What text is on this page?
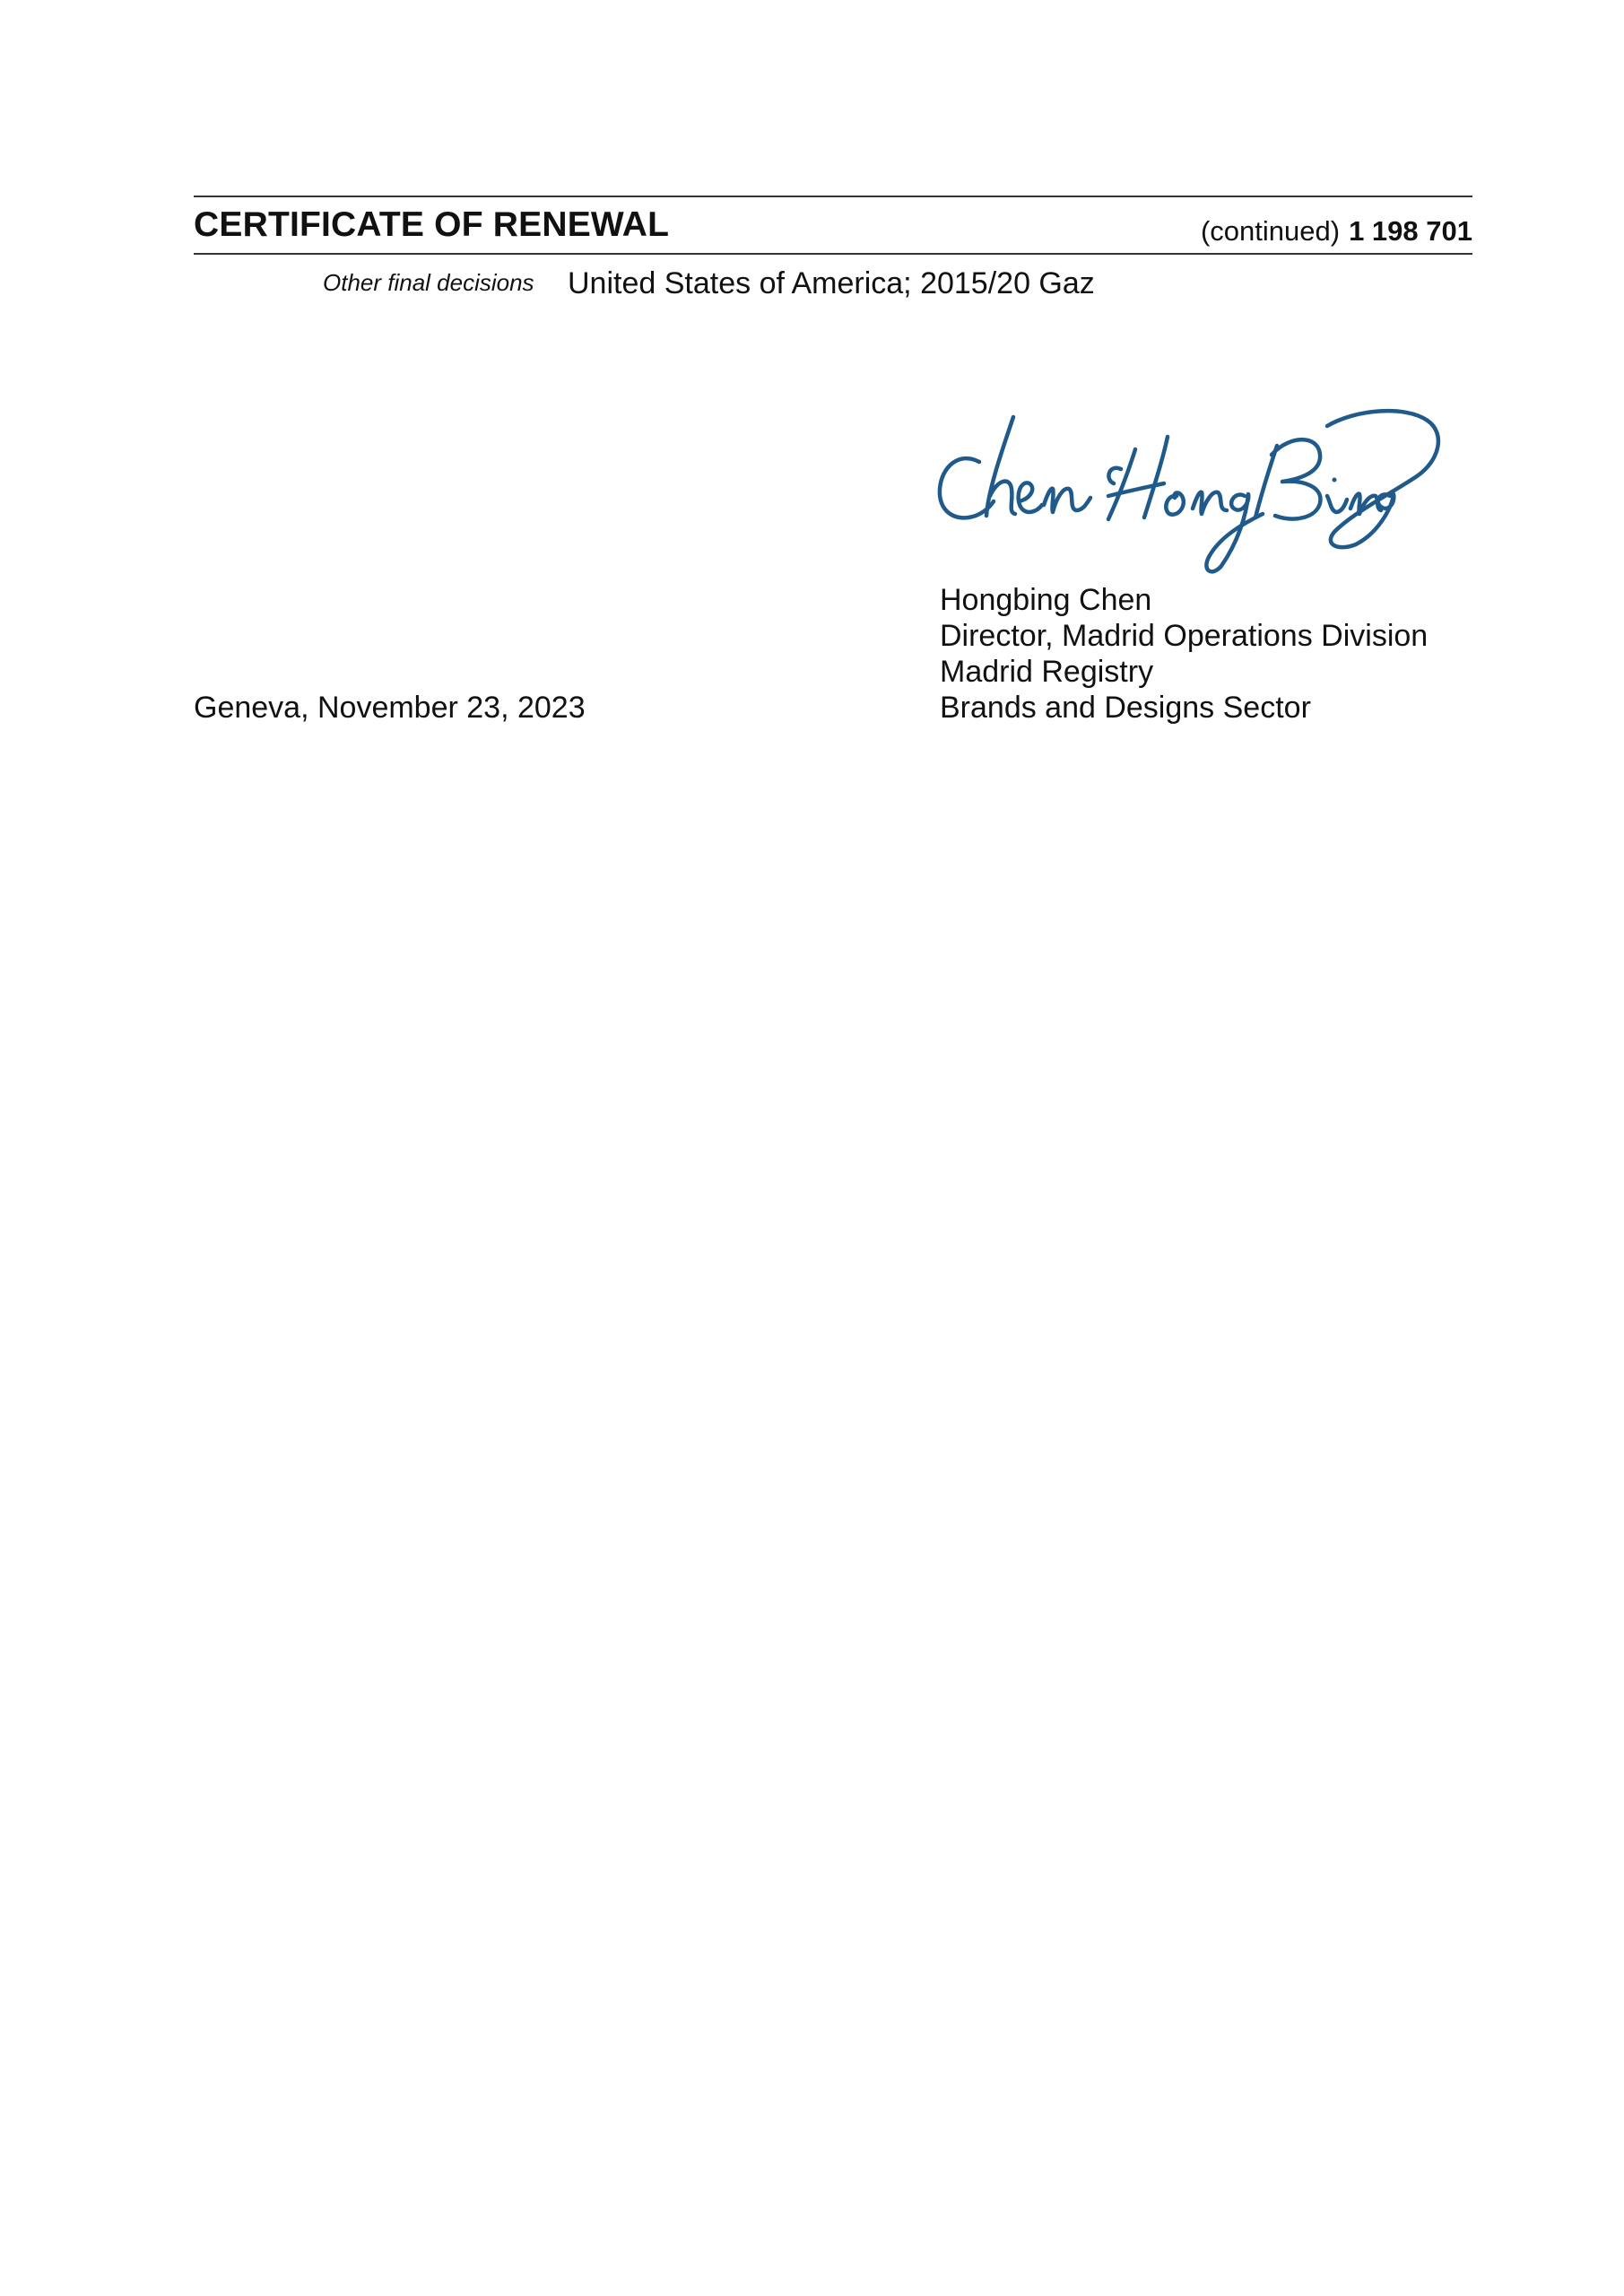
CERTIFICATE OF RENEWAL	(continued) 1 198 701
Other final decisions United States of America; 2015/20 Gaz
Hongbing Chen
Director, Madrid Operations Division
Madrid Registry
Brands and Designs Sector
Geneva, November 23, 2023
